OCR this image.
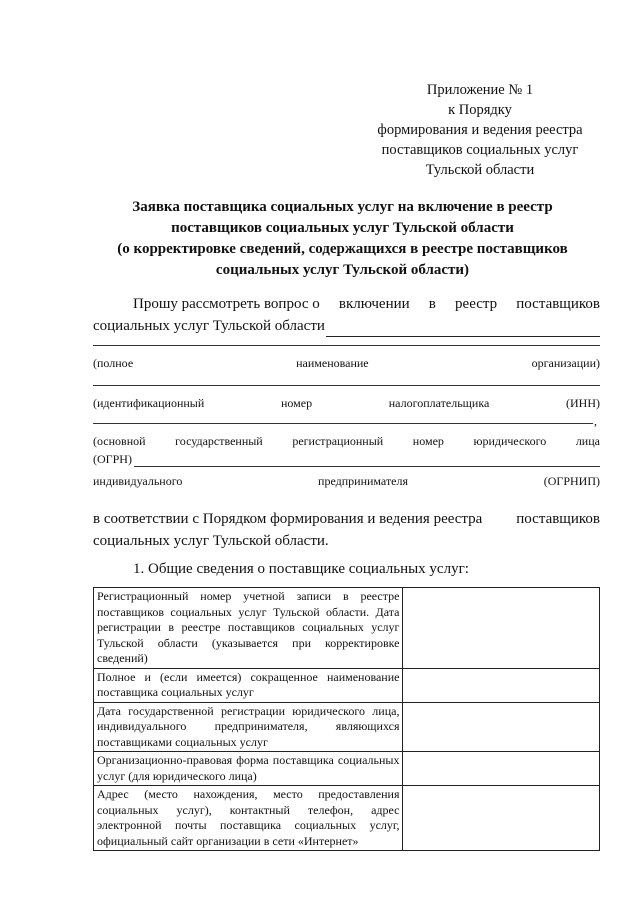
Приложение № 1
к Порядку
формирования и ведения реестра
поставщиков социальных услуг
Тульской области
Заявка поставщика социальных услуг на включение в реестр
поставщиков социальных услуг Тульской области
(о корректировке сведений, содержащихся в реестре поставщиков
социальных услуг Тульской области)
Прошу рассмотреть вопрос о включении в реестр поставщиков
социальных услуг Тульской области
(полное	наименование	организации)
(идентификационный	номер	налогоплательщика	(ИНН)
,
(основной государственный регистрационный номер юридического лица
(ОГРН)
индивидуального	предпринимателя	(ОГРНИП)
в соответствии с Порядком формирования и ведения реестра поставщиков
социальных услуг Тульской области.
1. Общие сведения о поставщике социальных услуг:
Регистрационный номер учетной записи в реестре поставщиков социальных услуг Тульской области. Дата регистрации в реестре поставщиков социальных услуг Тульской области (указывается при корректировке сведений)	
Полное и (если имеется) сокращенное наименование поставщика социальных услуг	
Дата государственной регистрации юридического лица, индивидуального предпринимателя, являющихся поставщиками социальных услуг	
Организационно-правовая форма поставщика социальных услуг (для юридического лица)	
Адрес (место нахождения, место предоставления социальных услуг), контактный телефон, адрес электронной почты поставщика социальных услуг, официальный сайт организации в сети «Интернет»	
